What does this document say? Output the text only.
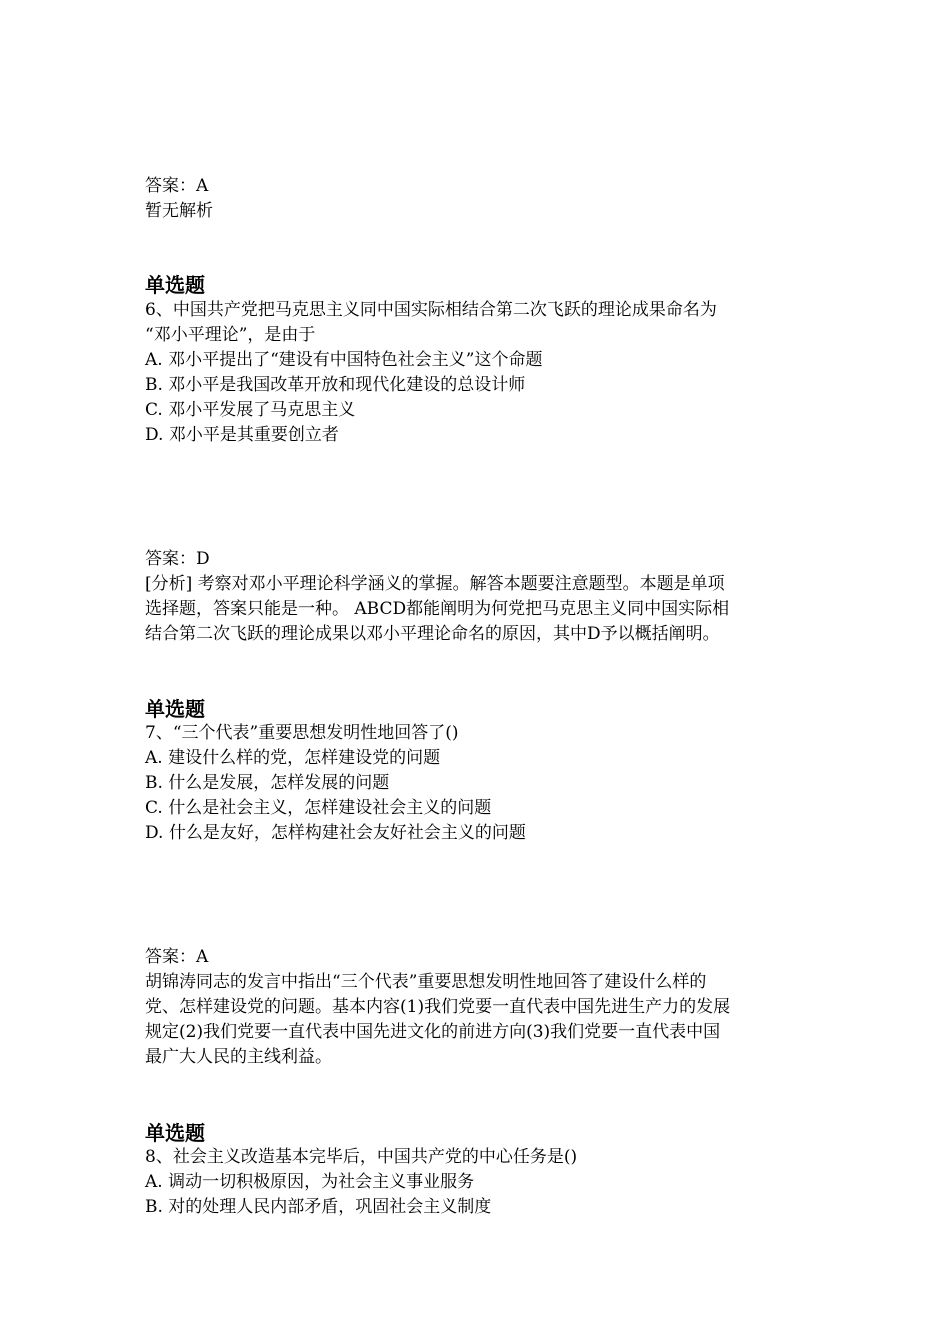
答案：A
暂无解析
单选题
6、中国共产党把马克思主义同中国实际相结合第二次飞跃的理论成果命名为
“邓小平理论”，是由于
A. 邓小平提出了“建设有中国特色社会主义”这个命题
B. 邓小平是我国改革开放和现代化建设的总设计师
C. 邓小平发展了马克思主义
D. 邓小平是其重要创立者
答案：D
[分析] 考察对邓小平理论科学涵义的掌握。解答本题要注意题型。本题是单项
选择题，答案只能是一种。 ABCD都能阐明为何党把马克思主义同中国实际相
结合第二次飞跃的理论成果以邓小平理论命名的原因，其中D予以概括阐明。
单选题
7、“三个代表”重要思想发明性地回答了()
A. 建设什么样的党，怎样建设党的问题
B. 什么是发展，怎样发展的问题
C. 什么是社会主义，怎样建设社会主义的问题
D. 什么是友好，怎样构建社会友好社会主义的问题
答案：A
胡锦涛同志的发言中指出“三个代表”重要思想发明性地回答了建设什么样的
党、怎样建设党的问题。基本内容(1)我们党要一直代表中国先进生产力的发展
规定(2)我们党要一直代表中国先进文化的前进方向(3)我们党要一直代表中国
最广大人民的主线利益。
单选题
8、社会主义改造基本完毕后，中国共产党的中心任务是()
A. 调动一切积极原因，为社会主义事业服务
B. 对的处理人民内部矛盾，巩固社会主义制度
